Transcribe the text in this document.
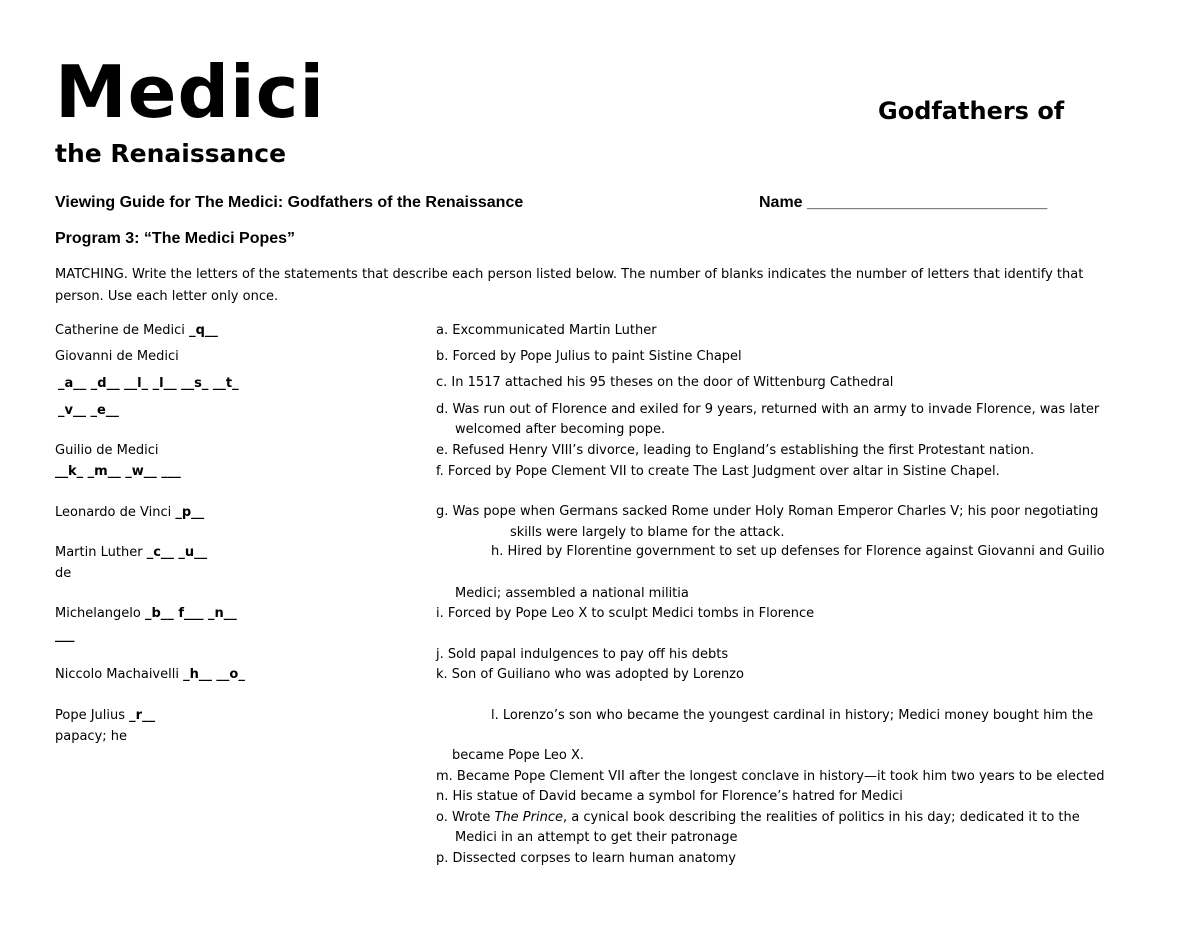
Medici	Godfathers of
the Renaissance
Viewing Guide for The Medici: Godfathers of the Renaissance	Name ___________________________
Program 3: “The Medici Popes”
MATCHING. Write the letters of the statements that describe each person listed below. The number of blanks indicates the number of letters that identify that person. Use each letter only once.
Catherine de Medici _q__
Giovanni de Medici
_a__ _d__ __l_ _l__ __s_ __t_
_v__ _e__
Guilio de Medici
__k_ _m__ _w__ ___
Leonardo de Vinci _p__
Martin Luther _c__ _u__
de
Michelangelo _b__ f___ _n__
___
Niccolo Machaivelli _h__ __o_
Pope Julius _r__
papacy; he
a. Excommunicated Martin Luther
b. Forced by Pope Julius to paint Sistine Chapel
c. In 1517 attached his 95 theses on the door of Wittenburg Cathedral
d. Was run out of Florence and exiled for 9 years, returned with an army to invade Florence, was later
welcomed after becoming pope.
e. Refused Henry VIII’s divorce, leading to England’s establishing the first Protestant nation.
f. Forced by Pope Clement VII to create The Last Judgment over altar in Sistine Chapel.
g. Was pope when Germans sacked Rome under Holy Roman Emperor Charles V; his poor negotiating
skills were largely to blame for the attack.
h. Hired by Florentine government to set up defenses for Florence against Giovanni and Guilio
Medici; assembled a national militia
i. Forced by Pope Leo X to sculpt Medici tombs in Florence
j. Sold papal indulgences to pay off his debts
k. Son of Guiliano who was adopted by Lorenzo
l. Lorenzo’s son who became the youngest cardinal in history; Medici money bought him the
became Pope Leo X.
m. Became Pope Clement VII after the longest conclave in history—it took him two years to be elected
n. His statue of David became a symbol for Florence’s hatred for Medici
o. Wrote The Prince, a cynical book describing the realities of politics in his day; dedicated it to the
Medici in an attempt to get their patronage
p. Dissected corpses to learn human anatomy
